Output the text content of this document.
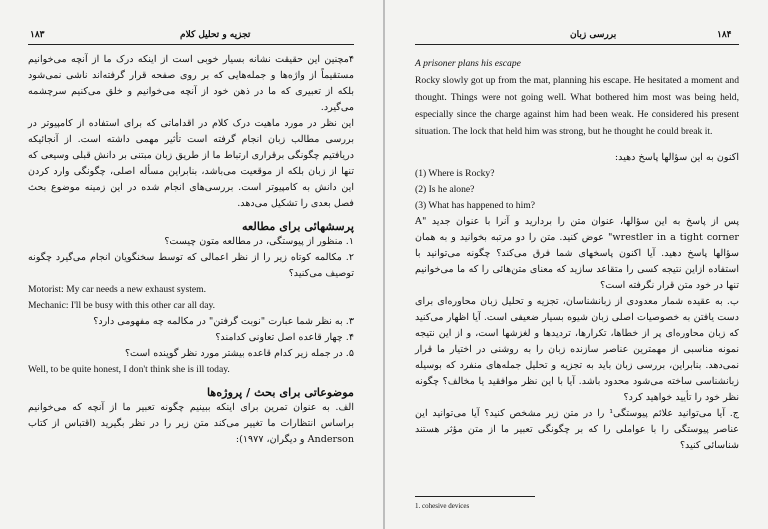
۱۸۳	تجزیه و تحلیل کلام

۴مچنین این حقیقت نشانه بسیار خوبی است از اینکه درک ما از آنچه می‌خوانیم مستقیماً از واژه‌ها و جمله‌هایی که بر روی صفحه قرار گرفته‌اند ناشی نمی‌شود بلکه از تعبیری که ما در ذهن خود از آنچه می‌خوانیم و خلق می‌کنیم سرچشمه می‌گیرد.

این نظر در مورد ماهیت درک کلام در اقداماتی که برای استفاده از کامپیوتر در بررسی مطالب زبان انجام گرفته است تأثیر مهمی داشته است. از آنجائیکه دریافتیم چگونگی برقراری ارتباط ما از طریق زبان مبتنی بر دانش قبلی وسیعی که تنها از زبان بلکه از موقعیت می‌باشد، بنابراین مسأله اصلی، چگونگی وارد کردن این دانش به کامپیوتر است. بررسی‌های انجام شده در این زمینه موضوع بحث فصل بعدی را تشکیل می‌دهد.

پرسشهائی برای مطالعه

۱. منظور از پیوستگی، در مطالعه متون چیست؟

۲. مکالمه کوتاه زیر را از نظر اعمالی که توسط سخنگویان انجام می‌گیرد چگونه توصیف می‌کنید؟

Motorist: My car needs a new exhaust system.

Mechanic: I'll be busy with this other car all day.

۳. به نظر شما عبارت "نوبت گرفتن" در مکالمه چه مفهومی دارد؟

۴. چهار قاعده اصل تعاونی کدامند؟

۵. در جمله زیر کدام قاعده بیشتر مورد نظر گوینده است؟

Well, to be quite honest, I don't think she is ill today.

موضوعاتی برای بحث / پروژه‌ها

الف. به عنوان تمرین برای اینکه ببینیم چگونه تعبیر ما از آنچه که می‌خوانیم براساس انتظارات ما تغییر می‌کند متن زیر را در نظر بگیرید (اقتباس از کتاب Anderson و دیگران، ۱۹۷۷):

بررسی زبان	۱۸۴

A prisoner plans his escape

Rocky slowly got up from the mat, planning his escape. He hesitated a moment and thought. Things were not going well. What bothered him most was being held, especially since the charge against him had been weak. He considered his present situation. The lock that held him was strong, but he thought he could break it.

اکنون به این سؤالها پاسخ دهید:

(1) Where is Rocky?

(2) Is he alone?

(3) What has happened to him?

پس از پاسخ به این سؤالها، عنوان متن را بردارید و آنرا با عنوان جدید "A wrestler in a tight corner" عوض کنید. متن را دو مرتبه بخوانید و به همان سؤالها پاسخ دهید. آیا اکنون پاسخهای شما فرق می‌کند؟ چگونه می‌توانید با استفاده ازاین نتیجه کسی را متقاعد سازید که معنای متن‌هائی را که ما می‌خوانیم تنها در خود متن قرار نگرفته است؟

ب. به عقیده شمار معدودی از زبانشناسان، تجزیه و تحلیل زبان محاوره‌ای برای دست یافتن به خصوصیات اصلی زبان شیوه بسیار ضعیفی است. آیا اظهار می‌کنید که زبان محاوره‌ای پر از خطاها، تکرارها، تردیدها و لغزشها است، و از این نتیجه نمونه مناسبی از مهمترین عناصر سازنده زبان را به روشنی در اختیار ما قرار نمی‌دهد. بنابراین، بررسی زبان باید به تجزیه و تحلیل جمله‌های منفرد که بوسیله زبانشناسی ساخته می‌شود محدود باشد. آیا با این نظر موافقید یا مخالف؟ چگونه نظر خود را تأیید خواهید کرد؟

ج. آیا می‌توانید علائم پیوستگی¹ را در متن زیر مشخص کنید؟ آیا می‌توانید این عناصر پیوستگی را با عواملی را که بر چگونگی تعبیر ما از متن مؤثر هستند شناسائی کنید؟

1. cohesive devices
